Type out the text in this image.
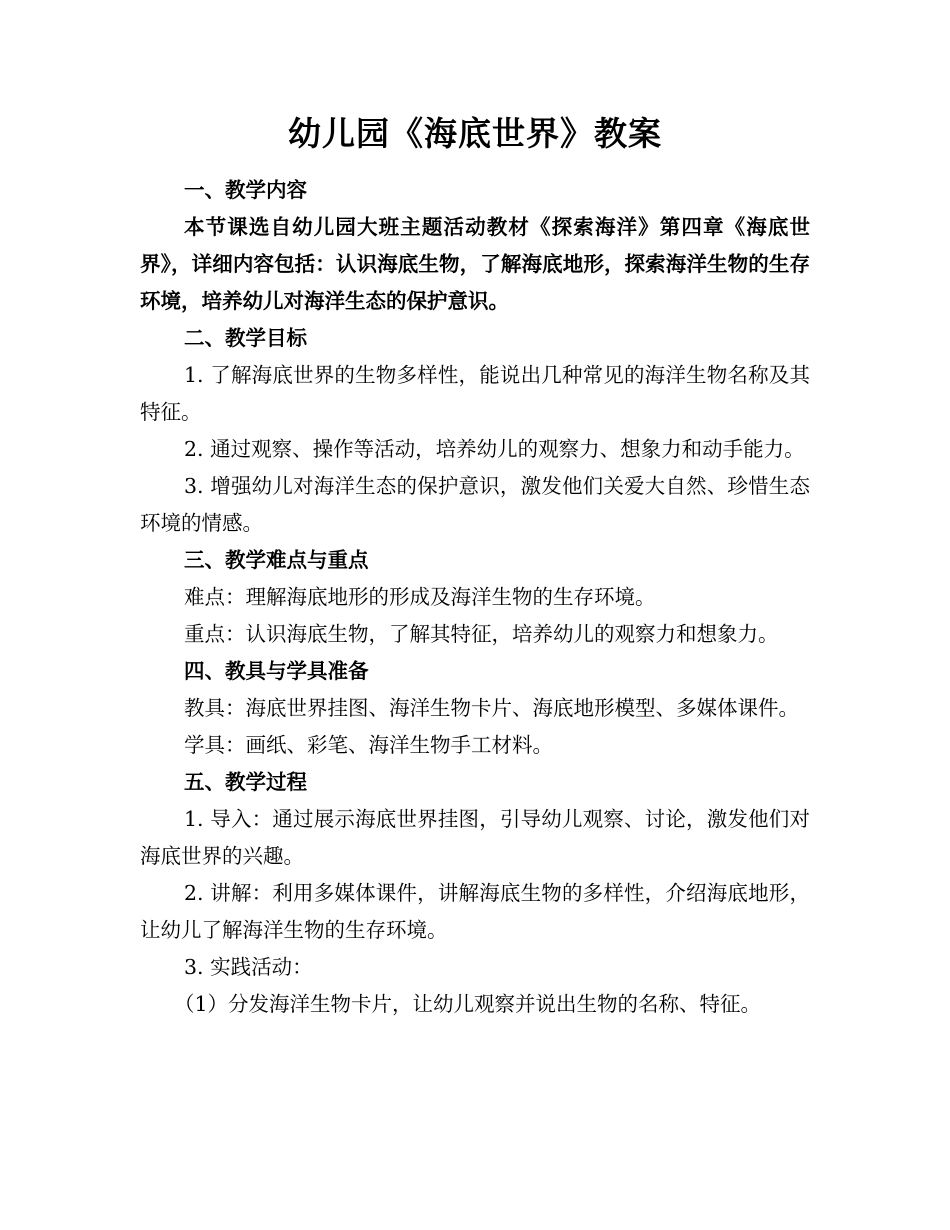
幼儿园《海底世界》教案

一、教学内容

本节课选自幼儿园大班主题活动教材《探索海洋》第四章《海底世界》，详细内容包括：认识海底生物，了解海底地形，探索海洋生物的生存环境，培养幼儿对海洋生态的保护意识。

二、教学目标

1. 了解海底世界的生物多样性，能说出几种常见的海洋生物名称及其特征。

2. 通过观察、操作等活动，培养幼儿的观察力、想象力和动手能力。

3. 增强幼儿对海洋生态的保护意识，激发他们关爱大自然、珍惜生态环境的情感。

三、教学难点与重点

难点：理解海底地形的形成及海洋生物的生存环境。

重点：认识海底生物，了解其特征，培养幼儿的观察力和想象力。

四、教具与学具准备

教具：海底世界挂图、海洋生物卡片、海底地形模型、多媒体课件。

学具：画纸、彩笔、海洋生物手工材料。

五、教学过程

1. 导入：通过展示海底世界挂图，引导幼儿观察、讨论，激发他们对海底世界的兴趣。

2. 讲解：利用多媒体课件，讲解海底生物的多样性，介绍海底地形，让幼儿了解海洋生物的生存环境。

3. 实践活动：

（1）分发海洋生物卡片，让幼儿观察并说出生物的名称、特征。
